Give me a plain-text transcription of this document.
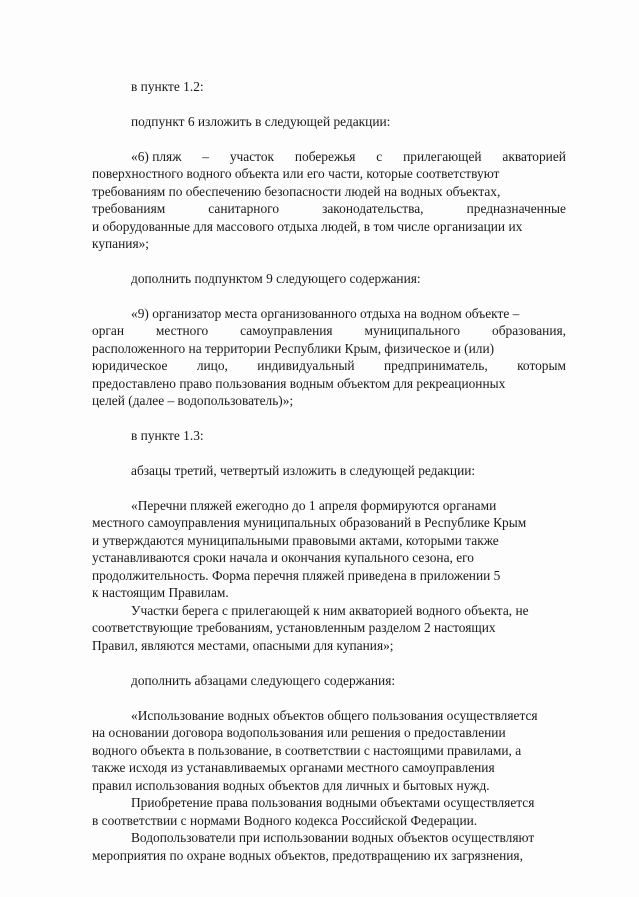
в пункте 1.2:
подпункт 6 изложить в следующей редакции:
«6) пляж – участок побережья с прилегающей акваторией
поверхностного водного объекта или его части, которые соответствуют
требованиям по обеспечению безопасности людей на водных объектах,
требованиям	санитарного	законодательства,	предназначенные
и оборудованные для массового отдыха людей, в том числе организации их
купания»;
дополнить подпунктом 9 следующего содержания:
«9) организатор места организованного отдыха на водном объекте –
орган местного самоуправления муниципального образования,
расположенного на территории Республики Крым, физическое и (или)
юридическое лицо, индивидуальный предприниматель, которым
предоставлено право пользования водным объектом для рекреационных
целей (далее – водопользователь)»;
в пункте 1.3:
абзацы третий, четвертый изложить в следующей редакции:
«Перечни пляжей ежегодно до 1 апреля формируются органами
местного самоуправления муниципальных образований в Республике Крым
и утверждаются муниципальными правовыми актами, которыми также
устанавливаются сроки начала и окончания купального сезона, его
продолжительность. Форма перечня пляжей приведена в приложении 5
к настоящим Правилам.
Участки берега с прилегающей к ним акваторией водного объекта, не
соответствующие требованиям, установленным разделом 2 настоящих
Правил, являются местами, опасными для купания»;
дополнить абзацами следующего содержания:
«Использование водных объектов общего пользования осуществляется
на основании договора водопользования или решения о предоставлении
водного объекта в пользование, в соответствии с настоящими правилами, а
также исходя из устанавливаемых органами местного самоуправления
правил использования водных объектов для личных и бытовых нужд.
Приобретение права пользования водными объектами осуществляется
в соответствии с нормами Водного кодекса Российской Федерации.
Водопользователи при использовании водных объектов осуществляют
мероприятия по охране водных объектов, предотвращению их загрязнения,
